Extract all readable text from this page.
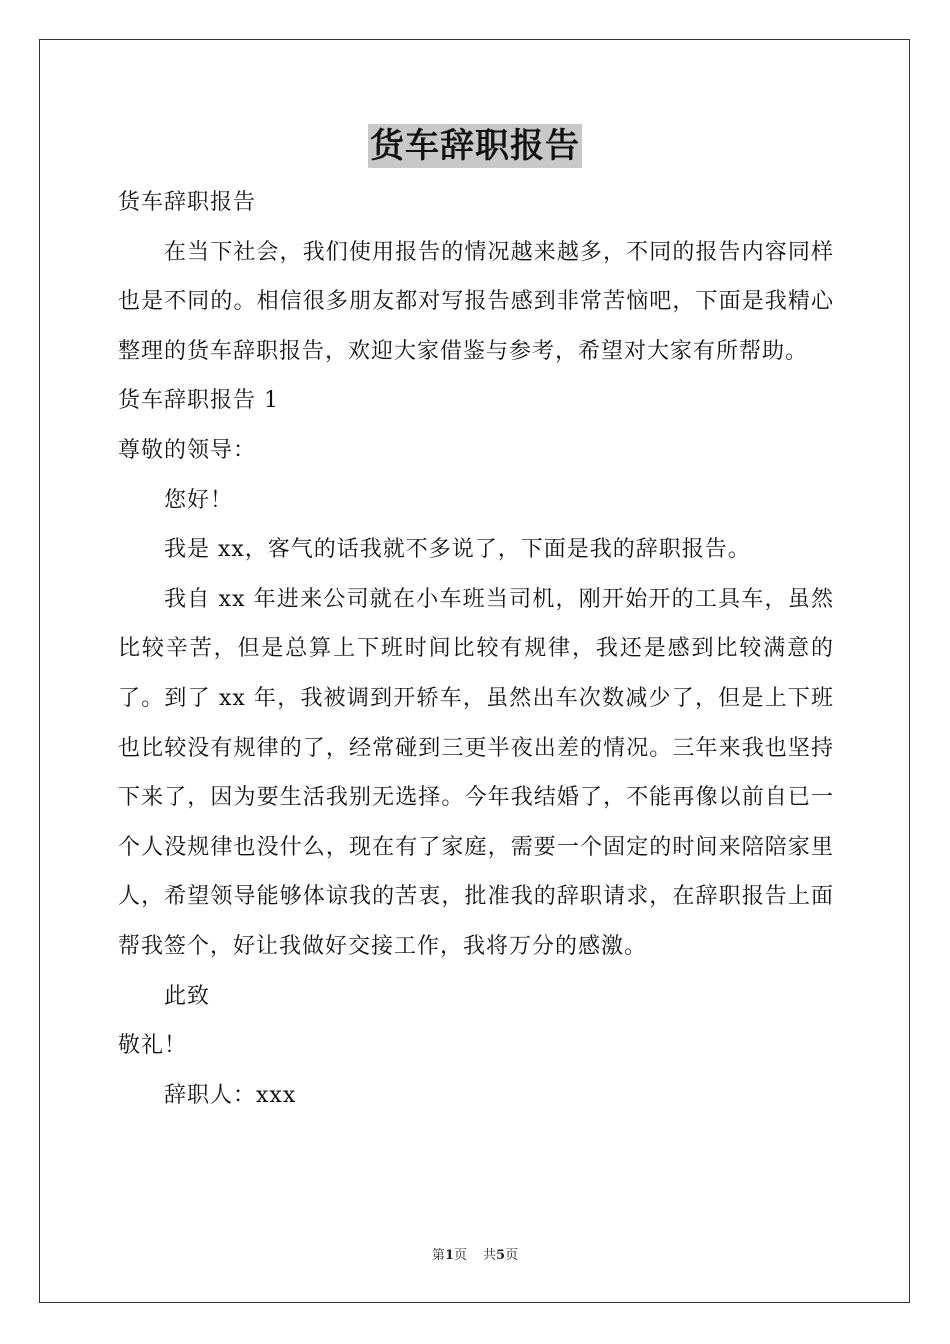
货车辞职报告

货车辞职报告

在当下社会，我们使用报告的情况越来越多，不同的报告内容同样也是不同的。相信很多朋友都对写报告感到非常苦恼吧，下面是我精心整理的货车辞职报告，欢迎大家借鉴与参考，希望对大家有所帮助。

货车辞职报告 1

尊敬的领导：

您好！

我是 xx，客气的话我就不多说了，下面是我的辞职报告。

我自 xx 年进来公司就在小车班当司机，刚开始开的工具车，虽然比较辛苦，但是总算上下班时间比较有规律，我还是感到比较满意的了。到了 xx 年，我被调到开轿车，虽然出车次数减少了，但是上下班也比较没有规律的了，经常碰到三更半夜出差的情况。三年来我也坚持下来了，因为要生活我别无选择。今年我结婚了，不能再像以前自已一个人没规律也没什么，现在有了家庭，需要一个固定的时间来陪陪家里人，希望领导能够体谅我的苦衷，批准我的辞职请求，在辞职报告上面帮我签个，好让我做好交接工作，我将万分的感激。

此致

敬礼！

辞职人：xxx

第1页 共5页
